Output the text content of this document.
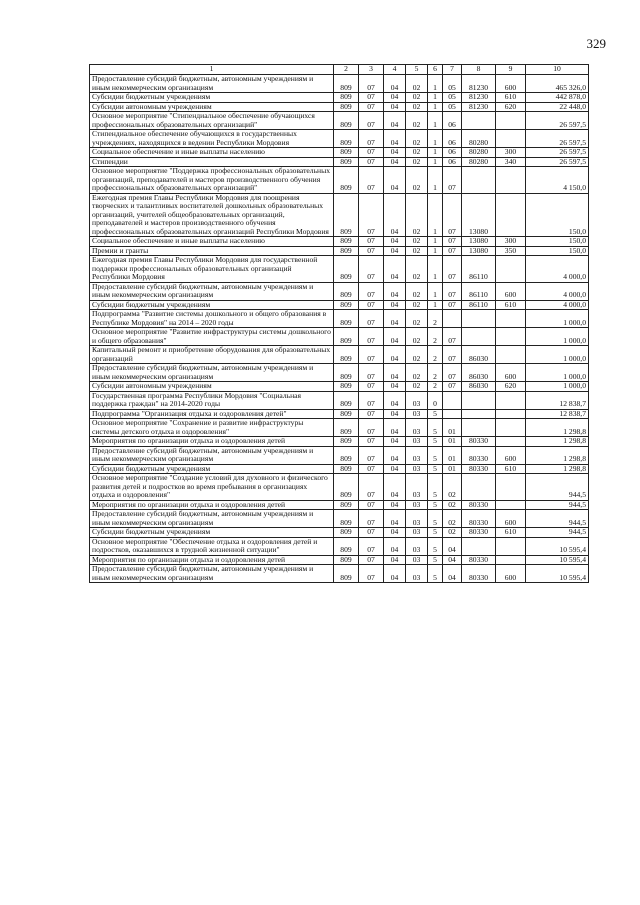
329
1	2	3	4	5	6	7	8	9	10
Предоставление субсидий бюджетным, автономным учреждениям и иным некоммерческим организациям	809	07	04	02	1	05	81230	600	465 326,0
Субсидии бюджетным учреждениям	809	07	04	02	1	05	81230	610	442 878,0
Субсидии автономным учреждениям	809	07	04	02	1	05	81230	620	22 448,0
Основное мероприятие "Стипендиальное обеспечение обучающихся профессиональных образовательных организаций"	809	07	04	02	1	06			26 597,5
Стипендиальное обеспечение обучающихся в государственных учреждениях, находящихся в ведении Республики Мордовия	809	07	04	02	1	06	80280		26 597,5
Социальное обеспечение и иные выплаты населению	809	07	04	02	1	06	80280	300	26 597,5
Стипендии	809	07	04	02	1	06	80280	340	26 597,5
Основное мероприятие "Поддержка профессиональных образовательных организаций, преподавателей и мастеров производственного обучения профессиональных образовательных организаций"	809	07	04	02	1	07			4 150,0
Ежегодная премия Главы Республики Мордовия для поощрения творческих и талантливых воспитателей дошкольных образовательных организаций, учителей общеобразовательных организаций, преподавателей и мастеров производственного обучения профессиональных образовательных организаций Республики Мордовия	809	07	04	02	1	07	13080		150,0
Социальное обеспечение и иные выплаты населению	809	07	04	02	1	07	13080	300	150,0
Премии и гранты	809	07	04	02	1	07	13080	350	150,0
Ежегодная премия Главы Республики Мордовия для государственной поддержки профессиональных образовательных организаций Республики Мордовия	809	07	04	02	1	07	86110		4 000,0
Предоставление субсидий бюджетным, автономным учреждениям и иным некоммерческим организациям	809	07	04	02	1	07	86110	600	4 000,0
Субсидии бюджетным учреждениям	809	07	04	02	1	07	86110	610	4 000,0
Подпрограмма "Развитие системы дошкольного и общего образования в Республике Мордовия" на 2014 – 2020 годы	809	07	04	02	2				1 000,0
Основное мероприятие "Развитие инфраструктуры системы дошкольного и общего образования"	809	07	04	02	2	07			1 000,0
Капитальный ремонт и приобретение оборудования для образовательных организаций	809	07	04	02	2	07	86030		1 000,0
Предоставление субсидий бюджетным, автономным учреждениям и иным некоммерческим организациям	809	07	04	02	2	07	86030	600	1 000,0
Субсидии автономным учреждениям	809	07	04	02	2	07	86030	620	1 000,0
Государственная программа Республики Мордовия "Социальная поддержка граждан" на 2014-2020 годы	809	07	04	03	0				12 838,7
Подпрограмма "Организация отдыха и оздоровления детей"	809	07	04	03	5				12 838,7
Основное мероприятие "Сохранение и развитие инфраструктуры системы детского отдыха и оздоровления"	809	07	04	03	5	01			1 298,8
Мероприятия по организации отдыха и оздоровления детей	809	07	04	03	5	01	80330		1 298,8
Предоставление субсидий бюджетным, автономным учреждениям и иным некоммерческим организациям	809	07	04	03	5	01	80330	600	1 298,8
Субсидии бюджетным учреждениям	809	07	04	03	5	01	80330	610	1 298,8
Основное мероприятие "Создание условий для духовного и физического развития детей и подростков во время пребывания в организациях отдыха и оздоровления"	809	07	04	03	5	02			944,5
Мероприятия по организации отдыха и оздоровления детей	809	07	04	03	5	02	80330		944,5
Предоставление субсидий бюджетным, автономным учреждениям и иным некоммерческим организациям	809	07	04	03	5	02	80330	600	944,5
Субсидии бюджетным учреждениям	809	07	04	03	5	02	80330	610	944,5
Основное мероприятие "Обеспечение отдыха и оздоровления детей и подростков, оказавшихся в трудной жизненной ситуации"	809	07	04	03	5	04			10 595,4
Мероприятия по организации отдыха и оздоровления детей	809	07	04	03	5	04	80330		10 595,4
Предоставление субсидий бюджетным, автономным учреждениям и иным некоммерческим организациям	809	07	04	03	5	04	80330	600	10 595,4
